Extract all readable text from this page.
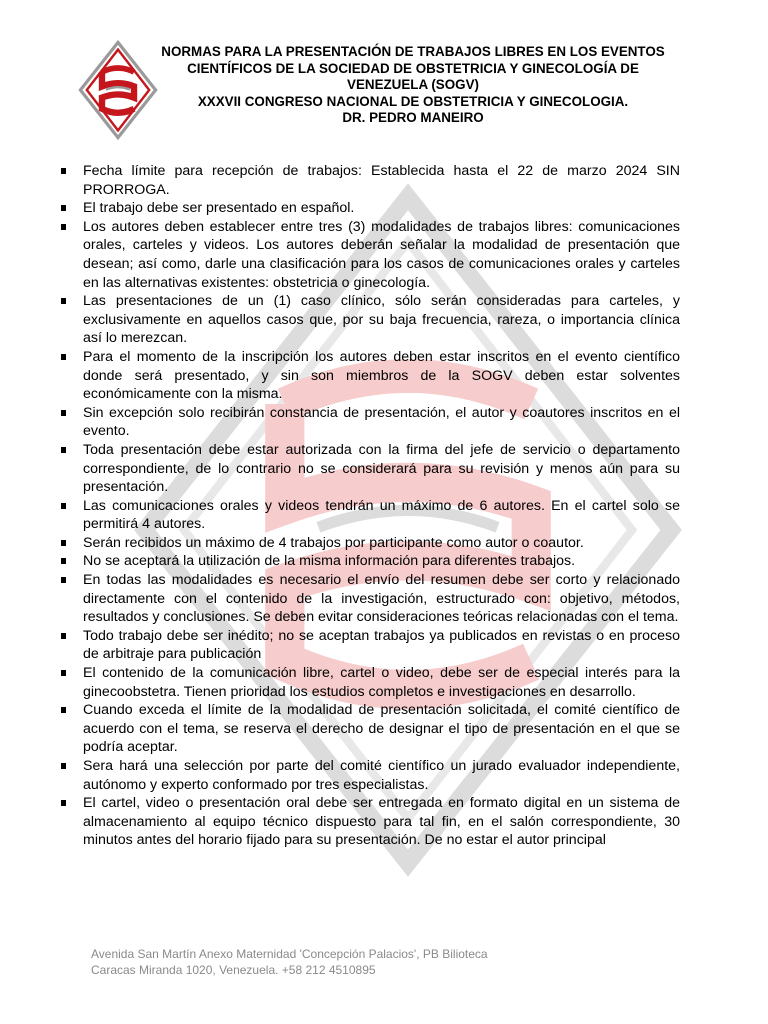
NORMAS PARA LA PRESENTACIÓN DE TRABAJOS LIBRES EN LOS EVENTOS
CIENTÍFICOS DE LA SOCIEDAD DE OBSTETRICIA Y GINECOLOGÍA DE
VENEZUELA (SOGV)
XXXVII CONGRESO NACIONAL DE OBSTETRICIA Y GINECOLOGIA.
DR. PEDRO MANEIRO
Fecha límite para recepción de trabajos: Establecida hasta el 22 de marzo 2024 SIN PRORROGA.
El trabajo debe ser presentado en español.
Los autores deben establecer entre tres (3) modalidades de trabajos libres: comunicaciones orales, carteles y videos. Los autores deberán señalar la modalidad de presentación que desean; así como, darle una clasificación para los casos de comunicaciones orales y carteles en las alternativas existentes: obstetricia o ginecología.
Las presentaciones de un (1) caso clínico, sólo serán consideradas para carteles, y exclusivamente en aquellos casos que, por su baja frecuencia, rareza, o importancia clínica así lo merezcan.
Para el momento de la inscripción los autores deben estar inscritos en el evento científico donde será presentado, y sin son miembros de la SOGV deben estar solventes económicamente con la misma.
Sin excepción solo recibirán constancia de presentación, el autor y coautores inscritos en el evento.
Toda presentación debe estar autorizada con la firma del jefe de servicio o departamento correspondiente, de lo contrario no se considerará para su revisión y menos aún para su presentación.
Las comunicaciones orales y videos tendrán un máximo de 6 autores. En el cartel solo se permitirá 4 autores.
Serán recibidos un máximo de 4 trabajos por participante como autor o coautor.
No se aceptará la utilización de la misma información para diferentes trabajos.
En todas las modalidades es necesario el envío del resumen debe ser corto y relacionado directamente con el contenido de la investigación, estructurado con: objetivo, métodos, resultados y conclusiones. Se deben evitar consideraciones teóricas relacionadas con el tema.
Todo trabajo debe ser inédito; no se aceptan trabajos ya publicados en revistas o en proceso de arbitraje para publicación
El contenido de la comunicación libre, cartel o video, debe ser de especial interés para la ginecoobstetra. Tienen prioridad los estudios completos e investigaciones en desarrollo.
Cuando exceda el límite de la modalidad de presentación solicitada, el comité científico de acuerdo con el tema, se reserva el derecho de designar el tipo de presentación en el que se podría aceptar.
Sera hará una selección por parte del comité científico un jurado evaluador independiente, autónomo y experto conformado por tres especialistas.
El cartel, video o presentación oral debe ser entregada en formato digital en un sistema de almacenamiento al equipo técnico dispuesto para tal fin, en el salón correspondiente, 30 minutos antes del horario fijado para su presentación. De no estar el autor principal
Avenida San Martín Anexo Maternidad 'Concepción Palacios', PB Bilioteca
Caracas Miranda 1020, Venezuela. +58 212 4510895
